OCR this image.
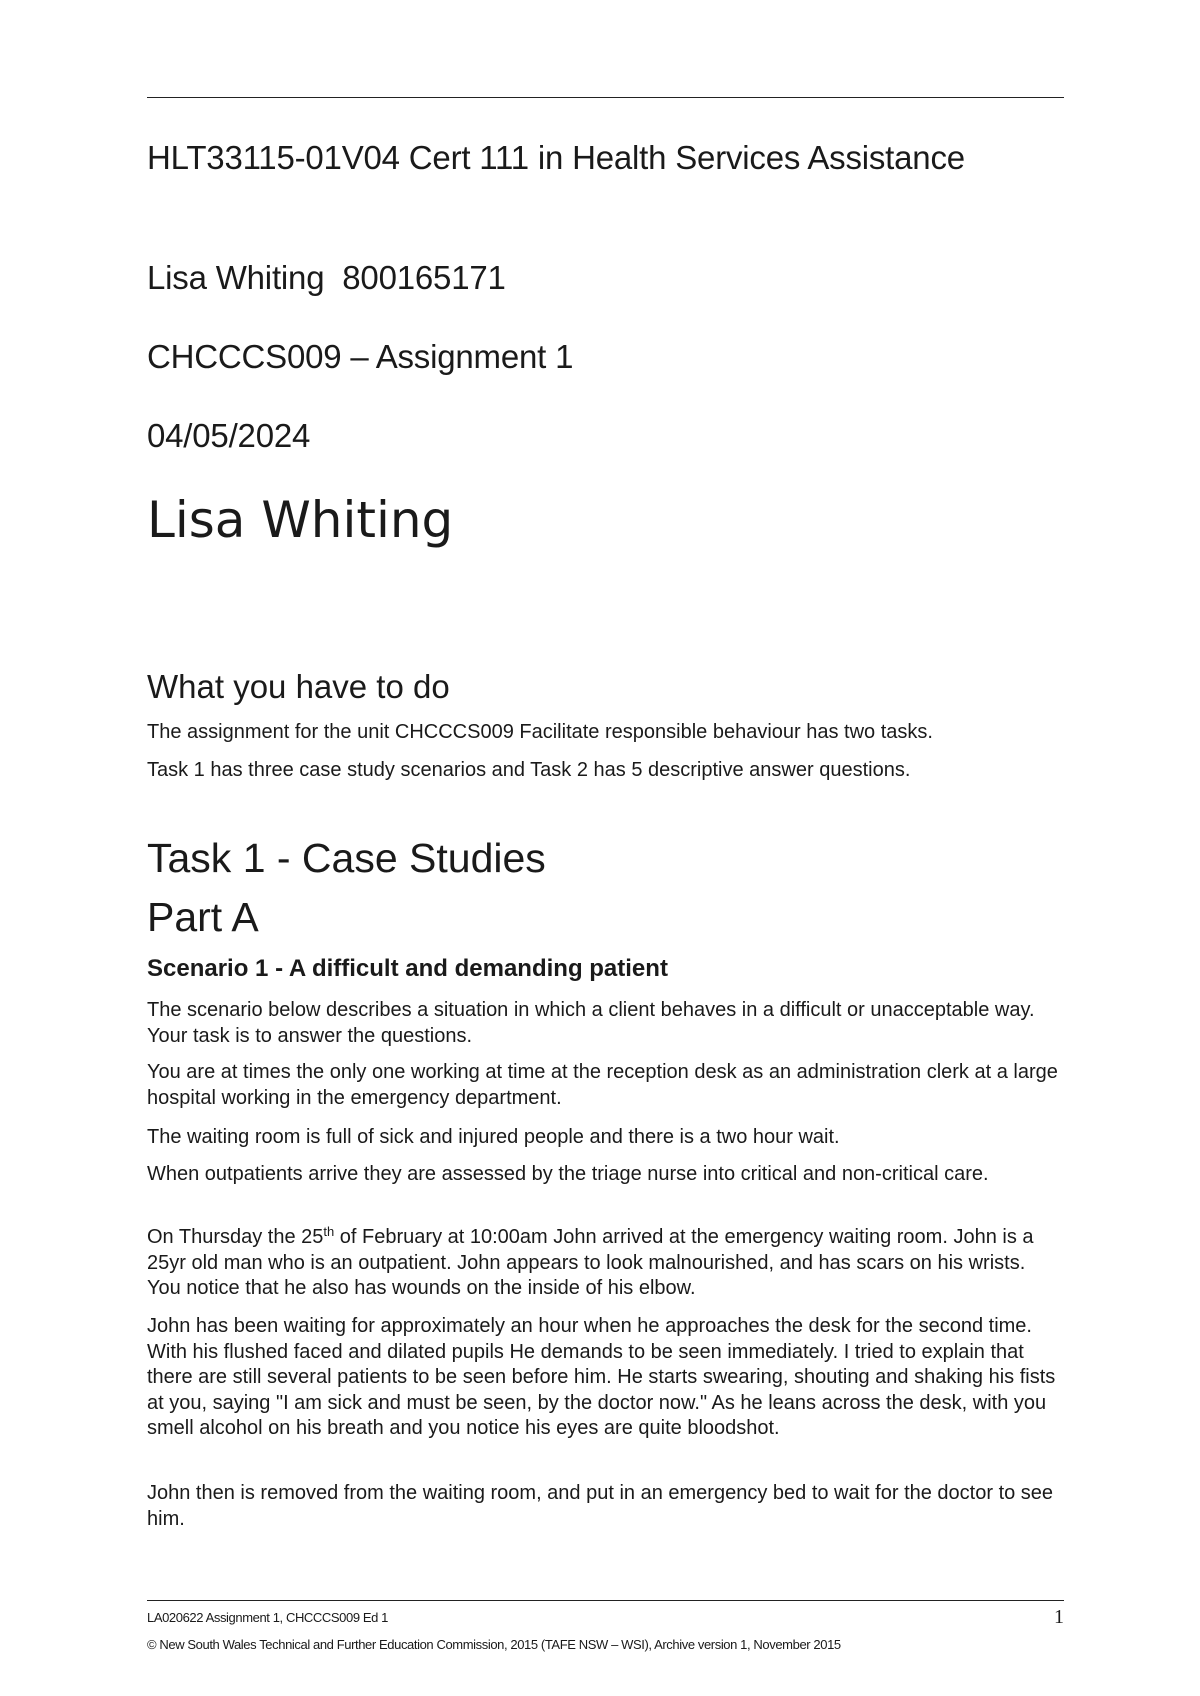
HLT33115-01V04 Cert 111 in Health Services Assistance
Lisa Whiting  800165171
CHCCCS009 – Assignment 1
04/05/2024
Lisa Whiting
What you have to do

The assignment for the unit CHCCCS009 Facilitate responsible behaviour has two tasks.

Task 1 has three case study scenarios and Task 2 has 5 descriptive answer questions.

Task 1 - Case Studies
Part A
Scenario 1 - A difficult and demanding patient

The scenario below describes a situation in which a client behaves in a difficult or unacceptable way. Your task is to answer the questions.

You are at times the only one working at time at the reception desk as an administration clerk at a large hospital working in the emergency department.

The waiting room is full of sick and injured people and there is a two hour wait.

When outpatients arrive they are assessed by the triage nurse into critical and non-critical care.

On Thursday the 25th of February at 10:00am John arrived at the emergency waiting room. John is a 25yr old man who is an outpatient. John appears to look malnourished, and has scars on his wrists. You notice that he also has wounds on the inside of his elbow.

John has been waiting for approximately an hour when he approaches the desk for the second time. With his flushed faced and dilated pupils He demands to be seen immediately. I tried to explain that there are still several patients to be seen before him. He starts swearing, shouting and shaking his fists at you, saying "I am sick and must be seen, by the doctor now." As he leans across the desk, with you smell alcohol on his breath and you notice his eyes are quite bloodshot.

John then is removed from the waiting room, and put in an emergency bed to wait for the doctor to see him.

LA020622 Assignment 1, CHCCCS009 Ed 1	1
© New South Wales Technical and Further Education Commission, 2015 (TAFE NSW – WSI), Archive version 1, November 2015
